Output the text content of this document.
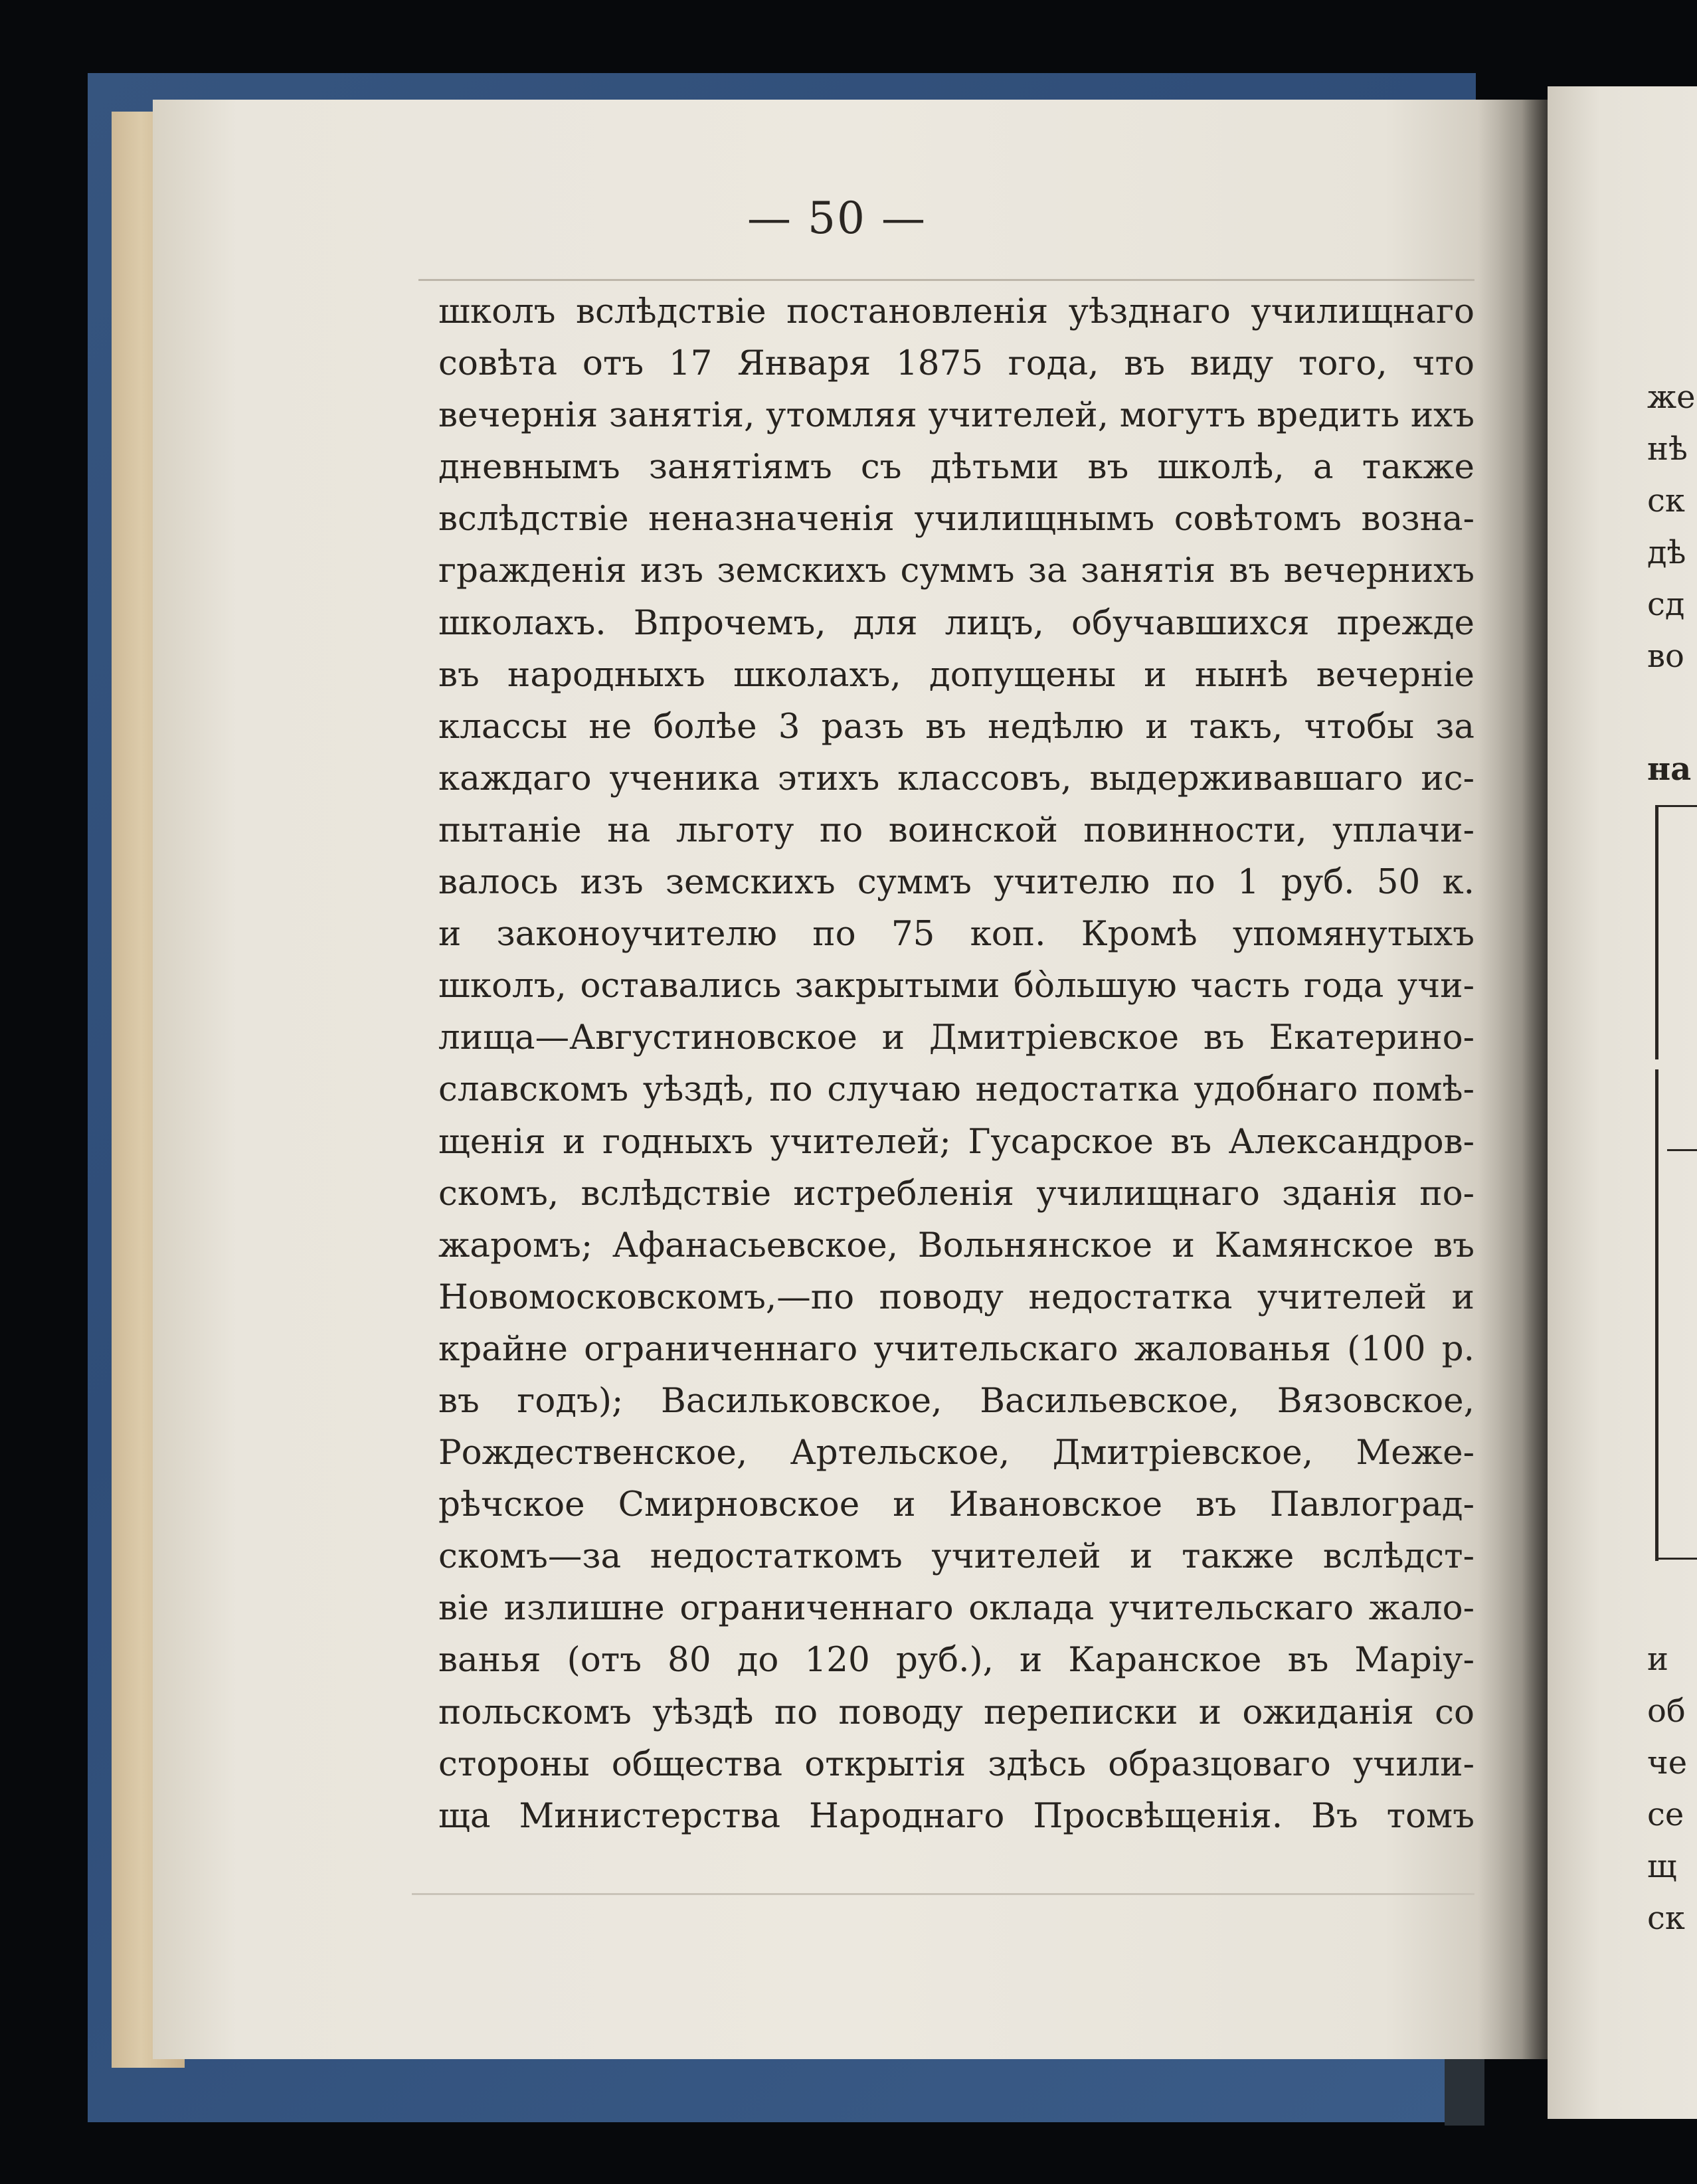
— 50 —
школъ вслѣдствіе постановленія уѣзднаго училищнаго
совѣта отъ 17 Января 1875 года, въ виду того, что
вечернія занятія, утомляя учителей, могутъ вредить ихъ
дневнымъ занятіямъ съ дѣтьми въ школѣ, а также
вслѣдствіе неназначенія училищнымъ совѣтомъ возна-
гражденія изъ земскихъ суммъ за занятія въ вечернихъ
школахъ. Впрочемъ, для лицъ, обучавшихся прежде
въ народныхъ школахъ, допущены и нынѣ вечерніе
классы не болѣе 3 разъ въ недѣлю и такъ, чтобы за
каждаго ученика этихъ классовъ, выдерживавшаго ис-
пытаніе на льготу по воинской повинности, уплачи-
валось изъ земскихъ суммъ учителю по 1 руб. 50 к.
и законоучителю по 75 коп. Кромѣ упомянутыхъ
школъ, оставались закрытыми бо̀льшую часть года учи-
лища—Августиновское и Дмитріевское въ Екатерино-
славскомъ уѣздѣ, по случаю недостатка удобнаго помѣ-
щенія и годныхъ учителей; Гусарское въ Александров-
скомъ, вслѣдствіе истребленія училищнаго зданія по-
жаромъ; Афанасьевское, Вольнянское и Камянское въ
Новомосковскомъ,—по поводу недостатка учителей и
крайне ограниченнаго учительскаго жалованья (100 р.
въ годъ); Васильковское, Васильевское, Вязовское,
Рождественское, Артельское, Дмитріевское, Меже-
рѣчское Смирновское и Ивановское въ Павлоград-
скомъ—за недостаткомъ учителей и также вслѣдст-
віе излишне ограниченнаго оклада учительскаго жало-
ванья (отъ 80 до 120 руб.), и Каранское въ Маріу-
польскомъ уѣздѣ по поводу переписки и ожиданія со
стороны общества открытія здѣсь образцоваго учили-
ща Министерства Народнаго Просвѣщенія. Въ томъ
же
нѣ
ск
дѣ
сд
во
на
и
об
че
се
щ
ск
